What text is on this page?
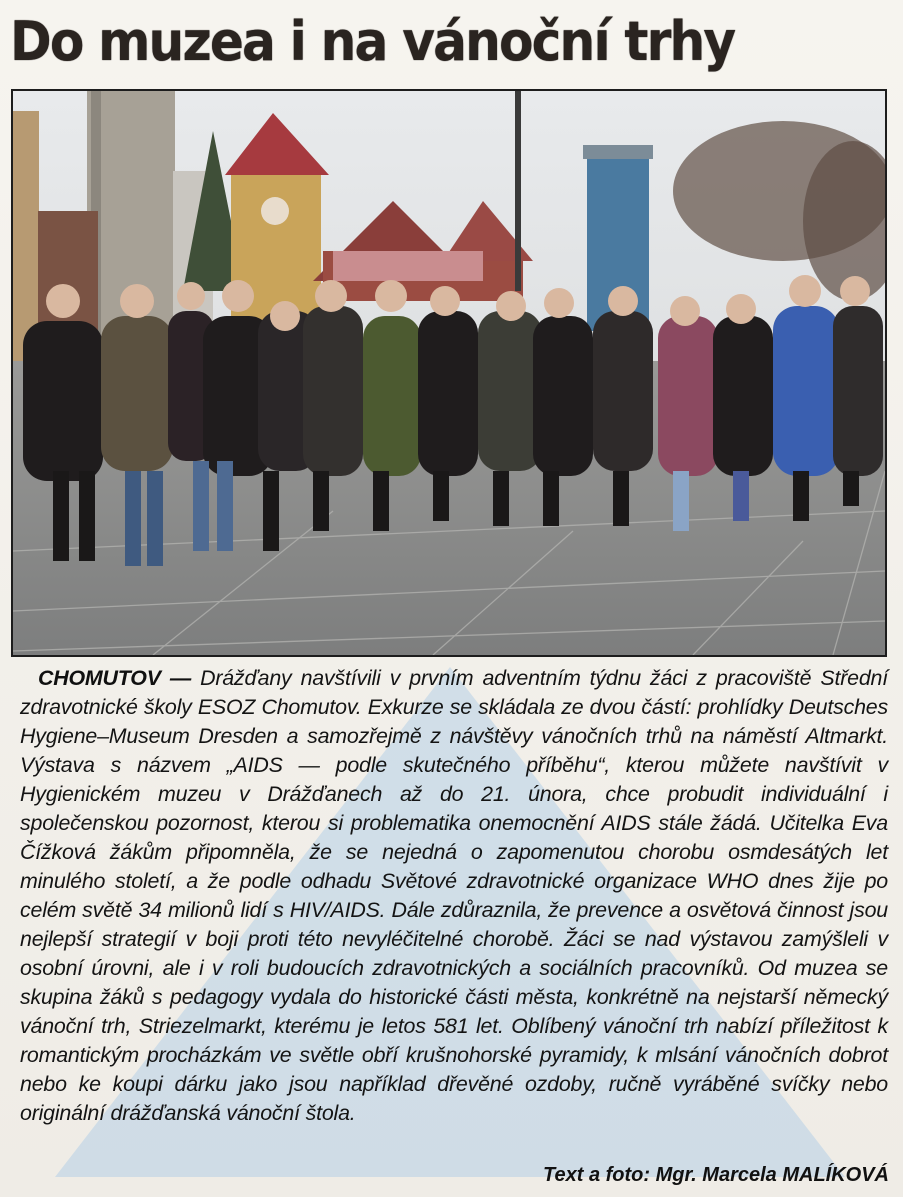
Do muzea i na vánoční trhy
CHOMUTOV — Drážďany navštívili v prvním adventním týdnu žáci z pracoviště Střední zdravotnické školy ESOZ Chomutov. Exkurze se skládala ze dvou částí: prohlídky Deutsches Hygiene–Museum Dresden a samozřejmě z návštěvy vánočních trhů na náměstí Altmarkt. Výstava s názvem „AIDS — podle skutečného příběhu“, kterou můžete navštívit v Hygienickém muzeu v Drážďanech až do 21. února, chce probudit individuální i společenskou pozornost, kterou si problematika onemocnění AIDS stále žádá. Učitelka Eva Čížková žákům připomněla, že se nejedná o zapomenutou chorobu osmdesátých let minulého století, a že podle odhadu Světové zdravotnické organizace WHO dnes žije po celém světě 34 milionů lidí s HIV/AIDS. Dále zdůraznila, že prevence a osvětová činnost jsou nejlepší strategií v boji proti této nevyléčitelné chorobě. Žáci se nad výstavou zamýšleli v osobní úrovni, ale i v roli budoucích zdravotnických a sociálních pracovníků. Od muzea se skupina žáků s pedagogy vydala do historické části města, konkrétně na nejstarší německý vánoční trh, Striezelmarkt, kterému je letos 581 let. Oblíbený vánoční trh nabízí příležitost k romantickým procházkám ve světle obří krušnohorské pyramidy, k mlsání vánočních dobrot nebo ke koupi dárku jako jsou například dřevěné ozdoby, ručně vyráběné svíčky nebo originální drážďanská vánoční štola.
Text a foto: Mgr. Marcela MALÍKOVÁ
